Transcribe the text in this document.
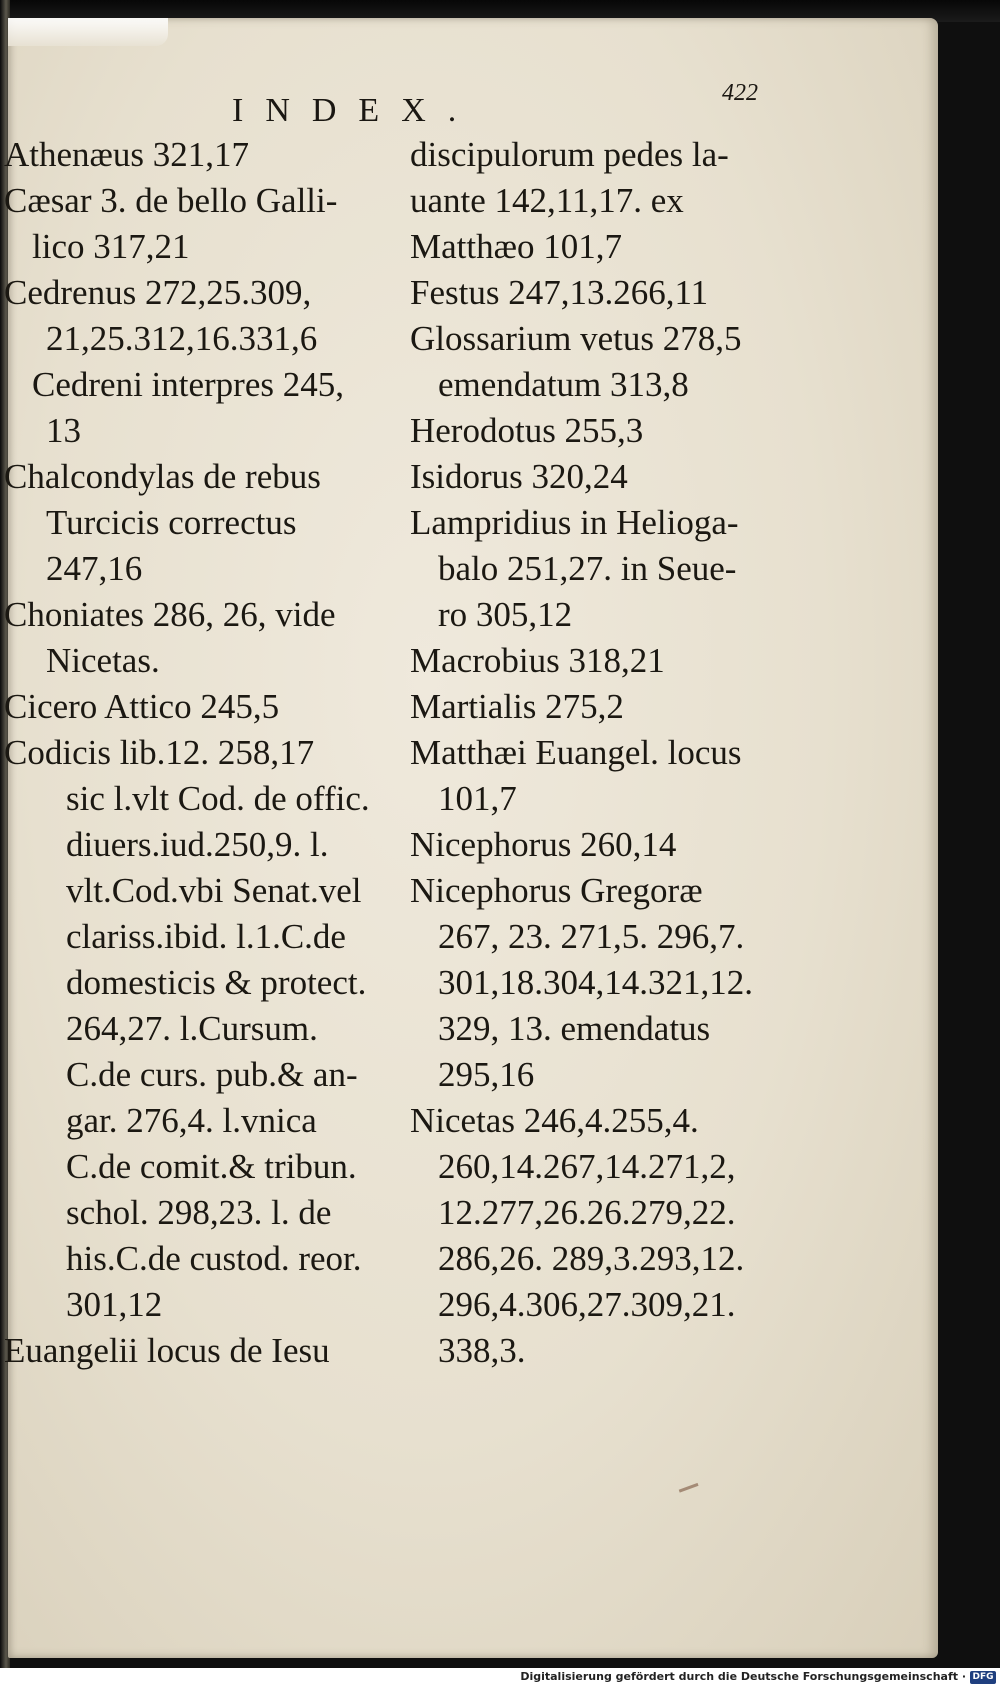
INDEX.	422
Athenæus 321,17
Cæsar 3. de bello Galli-
lico 317,21
Cedrenus 272,25.309,
21,25.312,16.331,6
Cedreni interpres 245,
13
Chalcondylas de rebus
Turcicis correctus
247,16
Choniates 286, 26, vide
Nicetas.
Cicero Attico 245,5
Codicis lib.12. 258,17
sic l.vlt Cod. de offic.
diuers.iud.250,9. l.
vlt.Cod.vbi Senat.vel
clariss.ibid. l.1.C.de
domesticis & protect.
264,27. l.Cursum.
C.de curs. pub.& an-
gar. 276,4. l.vnica
C.de comit.& tribun.
schol. 298,23. l. de
his.C.de custod. reor.
301,12
Euangelii locus de Iesu
discipulorum pedes la-
uante 142,11,17. ex
Matthæo 101,7
Festus 247,13.266,11
Glossarium vetus 278,5
emendatum 313,8
Herodotus 255,3
Isidorus 320,24
Lampridius in Helioga-
balo 251,27. in Seue-
ro 305,12
Macrobius 318,21
Martialis 275,2
Matthæi Euangel. locus
101,7
Nicephorus 260,14
Nicephorus Gregoræ
267, 23. 271,5. 296,7.
301,18.304,14.321,12.
329, 13. emendatus
295,16
Nicetas 246,4.255,4.
260,14.267,14.271,2,
12.277,26.26.279,22.
286,26. 289,3.293,12.
296,4.306,27.309,21.
338,3.
Digitalisierung gefördert durch die Deutsche Forschungsgemeinschaft · DFG
